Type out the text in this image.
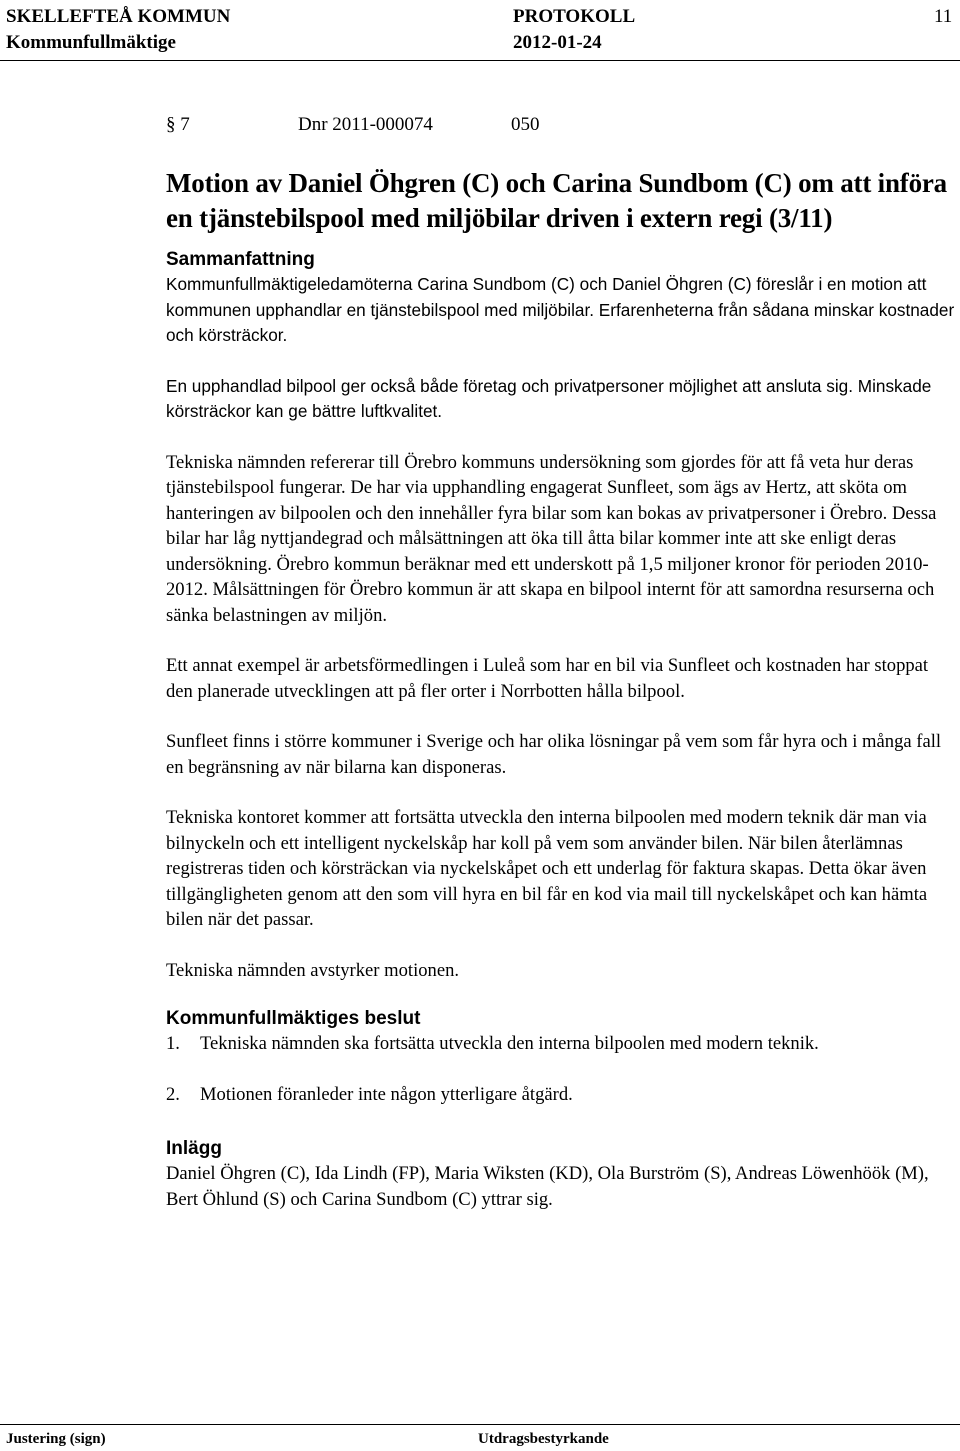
SKELLEFTEÅ KOMMUN	PROTOKOLL	11
Kommunfullmäktige	2012-01-24

§ 7	Dnr 2011-000074	050

Motion av Daniel Öhgren (C) och Carina Sundbom (C) om att införa en tjänstebilspool med miljöbilar driven i extern regi (3/11)
Sammanfattning

Kommunfullmäktigeledamöterna Carina Sundbom (C) och Daniel Öhgren (C) föreslår i en motion att kommunen upphandlar en tjänstebilspool med miljöbilar. Erfarenheterna från sådana minskar kostnader och körsträckor.

En upphandlad bilpool ger också både företag och privatpersoner möjlighet att ansluta sig. Minskade körsträckor kan ge bättre luftkvalitet.

Tekniska nämnden refererar till Örebro kommuns undersökning som gjordes för att få veta hur deras tjänstebilspool fungerar. De har via upphandling engagerat Sunfleet, som ägs av Hertz, att sköta om hanteringen av bilpoolen och den innehåller fyra bilar som kan bokas av privatpersoner i Örebro. Dessa bilar har låg nyttjandegrad och målsättningen att öka till åtta bilar kommer inte att ske enligt deras undersökning. Örebro kommun beräknar med ett underskott på 1,5 miljoner kronor för perioden 2010-2012. Målsättningen för Örebro kommun är att skapa en bilpool internt för att samordna resurserna och sänka belastningen av miljön.

Ett annat exempel är arbetsförmedlingen i Luleå som har en bil via Sunfleet och kostnaden har stoppat den planerade utvecklingen att på fler orter i Norrbotten hålla bilpool.

Sunfleet finns i större kommuner i Sverige och har olika lösningar på vem som får hyra och i många fall en begränsning av när bilarna kan disponeras.

Tekniska kontoret kommer att fortsätta utveckla den interna bilpoolen med modern teknik där man via bilnyckeln och ett intelligent nyckelskåp har koll på vem som använder bilen. När bilen återlämnas registreras tiden och körsträckan via nyckelskåpet och ett underlag för faktura skapas. Detta ökar även tillgängligheten genom att den som vill hyra en bil får en kod via mail till nyckelskåpet och kan hämta bilen när det passar.

Tekniska nämnden avstyrker motionen.

Kommunfullmäktiges beslut
1.	Tekniska nämnden ska fortsätta utveckla den interna bilpoolen med modern teknik.
2.	Motionen föranleder inte någon ytterligare åtgärd.
Inlägg

Daniel Öhgren (C), Ida Lindh (FP), Maria Wiksten (KD), Ola Burström (S), Andreas Löwenhöök (M), Bert Öhlund (S) och Carina Sundbom (C) yttrar sig.

Justering (sign)	Utdragsbestyrkande
